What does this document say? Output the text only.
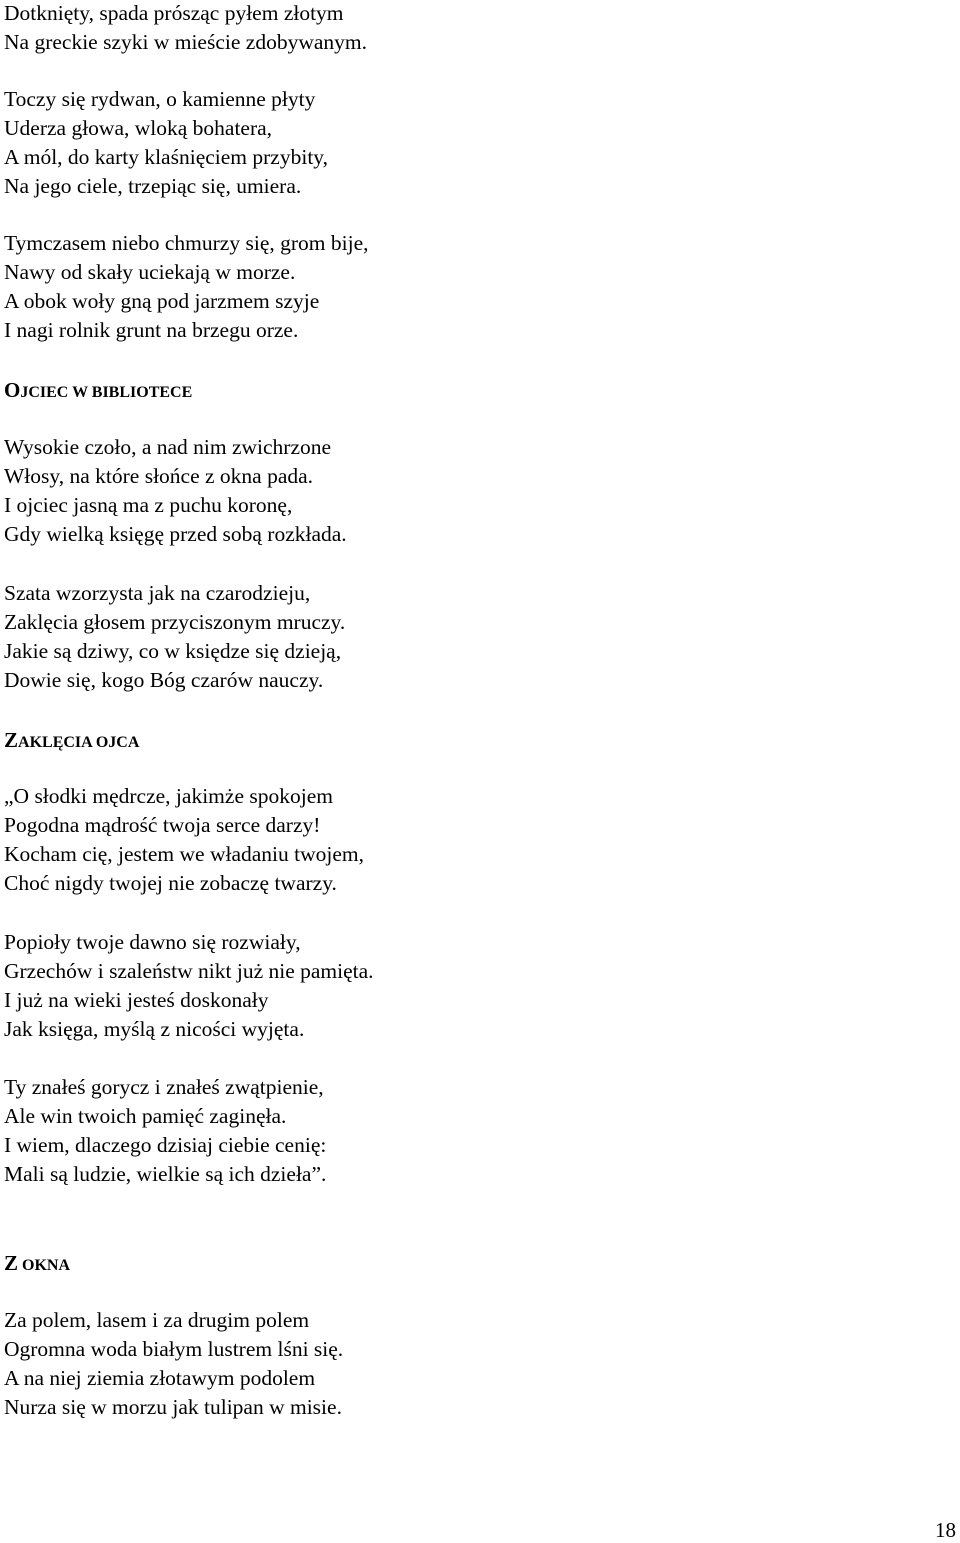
Dotknięty, spada prósząc pyłem złotym
Na greckie szyki w mieście zdobywanym.
Toczy się rydwan, o kamienne płyty
Uderza głowa, wloką bohatera,
A mól, do karty klaśnięciem przybity,
Na jego ciele, trzepiąc się, umiera.
Tymczasem niebo chmurzy się, grom bije,
Nawy od skały uciekają w morze.
A obok woły gną pod jarzmem szyje
I nagi rolnik grunt na brzegu orze.
OJCIEC W BIBLIOTECE
Wysokie czoło, a nad nim zwichrzone
Włosy, na które słońce z okna pada.
I ojciec jasną ma z puchu koronę,
Gdy wielką księgę przed sobą rozkłada.
Szata wzorzysta jak na czarodzieju,
Zaklęcia głosem przyciszonym mruczy.
Jakie są dziwy, co w księdze się dzieją,
Dowie się, kogo Bóg czarów nauczy.
ZAKLĘCIA OJCA
„O słodki mędrcze, jakimże spokojem
Pogodna mądrość twoja serce darzy!
Kocham cię, jestem we władaniu twojem,
Choć nigdy twojej nie zobaczę twarzy.
Popioły twoje dawno się rozwiały,
Grzechów i szaleństw nikt już nie pamięta.
I już na wieki jesteś doskonały
Jak księga, myślą z nicości wyjęta.
Ty znałeś gorycz i znałeś zwątpienie,
Ale win twoich pamięć zaginęła.
I wiem, dlaczego dzisiaj ciebie cenię:
Mali są ludzie, wielkie są ich dzieła”.
Z OKNA
Za polem, lasem i za drugim polem
Ogromna woda białym lustrem lśni się.
A na niej ziemia złotawym podolem
Nurza się w morzu jak tulipan w misie.
18
